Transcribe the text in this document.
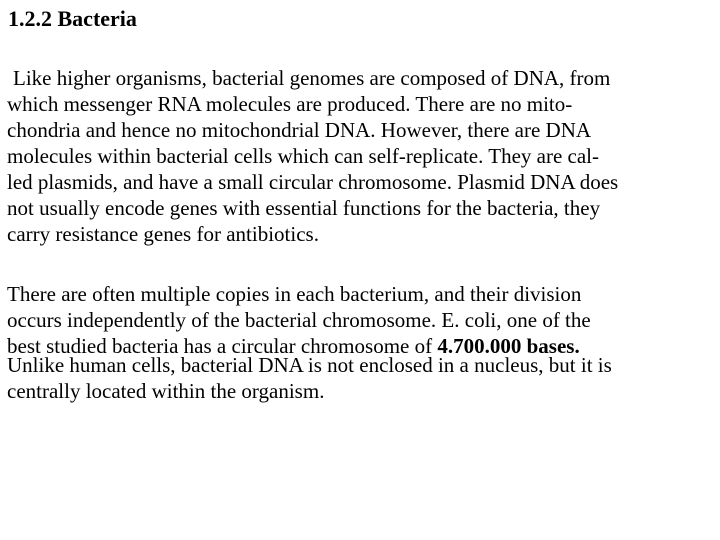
1.2.2 Bacteria

Like higher organisms, bacterial genomes are composed of DNA, from
which messenger RNA molecules are produced. There are no mito-
chondria and hence no mitochondrial DNA. However, there are DNA
molecules within bacterial cells which can self-replicate. They are cal-
led plasmids, and have a small circular chromosome. Plasmid DNA does
not usually encode genes with essential functions for the bacteria, they
carry resistance genes for antibiotics.

There are often multiple copies in each bacterium, and their division
occurs independently of the bacterial chromosome. E. coli, one of the
best studied bacteria has a circular chromosome of 4.700.000 bases.

Unlike human cells, bacterial DNA is not enclosed in a nucleus, but it is
centrally located within the organism.
